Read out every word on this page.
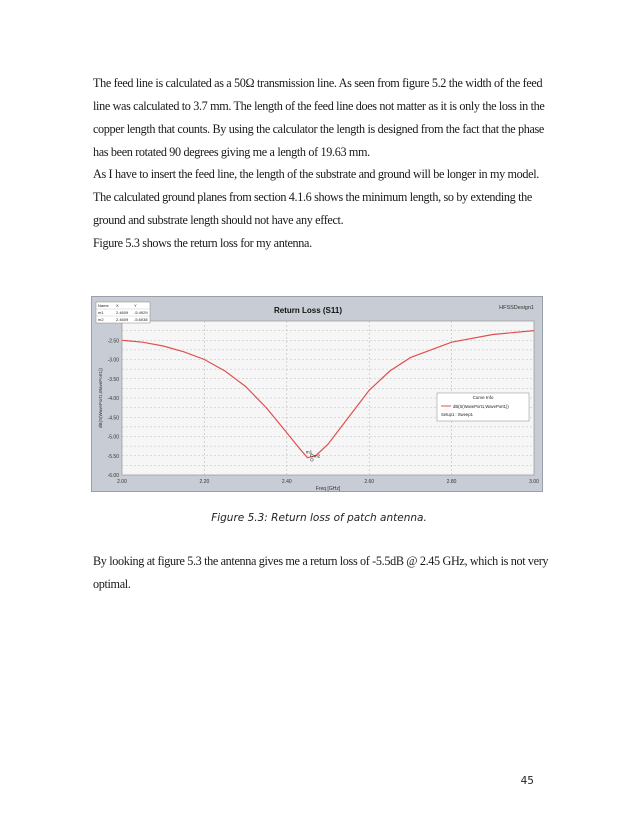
The feed line is calculated as a 50Ω transmission line. As seen from figure 5.2 the width of the feed line was calculated to 3.7 mm. The length of the feed line does not matter as it is only the loss in the copper length that counts. By using the calculator the length is designed from the fact that the phase has been rotated 90 degrees giving me a length of 19.63 mm.

As I have to insert the feed line, the length of the substrate and ground will be longer in my model. The calculated ground planes from section 4.1.6 shows the minimum length, so by extending the ground and substrate length should not have any effect.

Figure 5.3 shows the return loss for my antenna.

2.00	2.20	2.40	2.60	2.80	3.00
-2.50
-3.00
-3.50
-4.00
-4.50
-5.00
-5.50
-6.00
Return Loss (S11)	HFSSDesign1
Freq [GHz]
dB(S(WavePort1,WavePort1))
m1
m2
Name X	Y
m1	2.4609 -5.4929
m2	2.4609 -5.6038
Curve Info
dB(S(WavePort1,WavePort1))
Setup1 : Sweep1
Figure 5.3: Return loss of patch antenna.

By looking at figure 5.3 the antenna gives me a return loss of -5.5dB @ 2.45 GHz, which is not very optimal.

45
